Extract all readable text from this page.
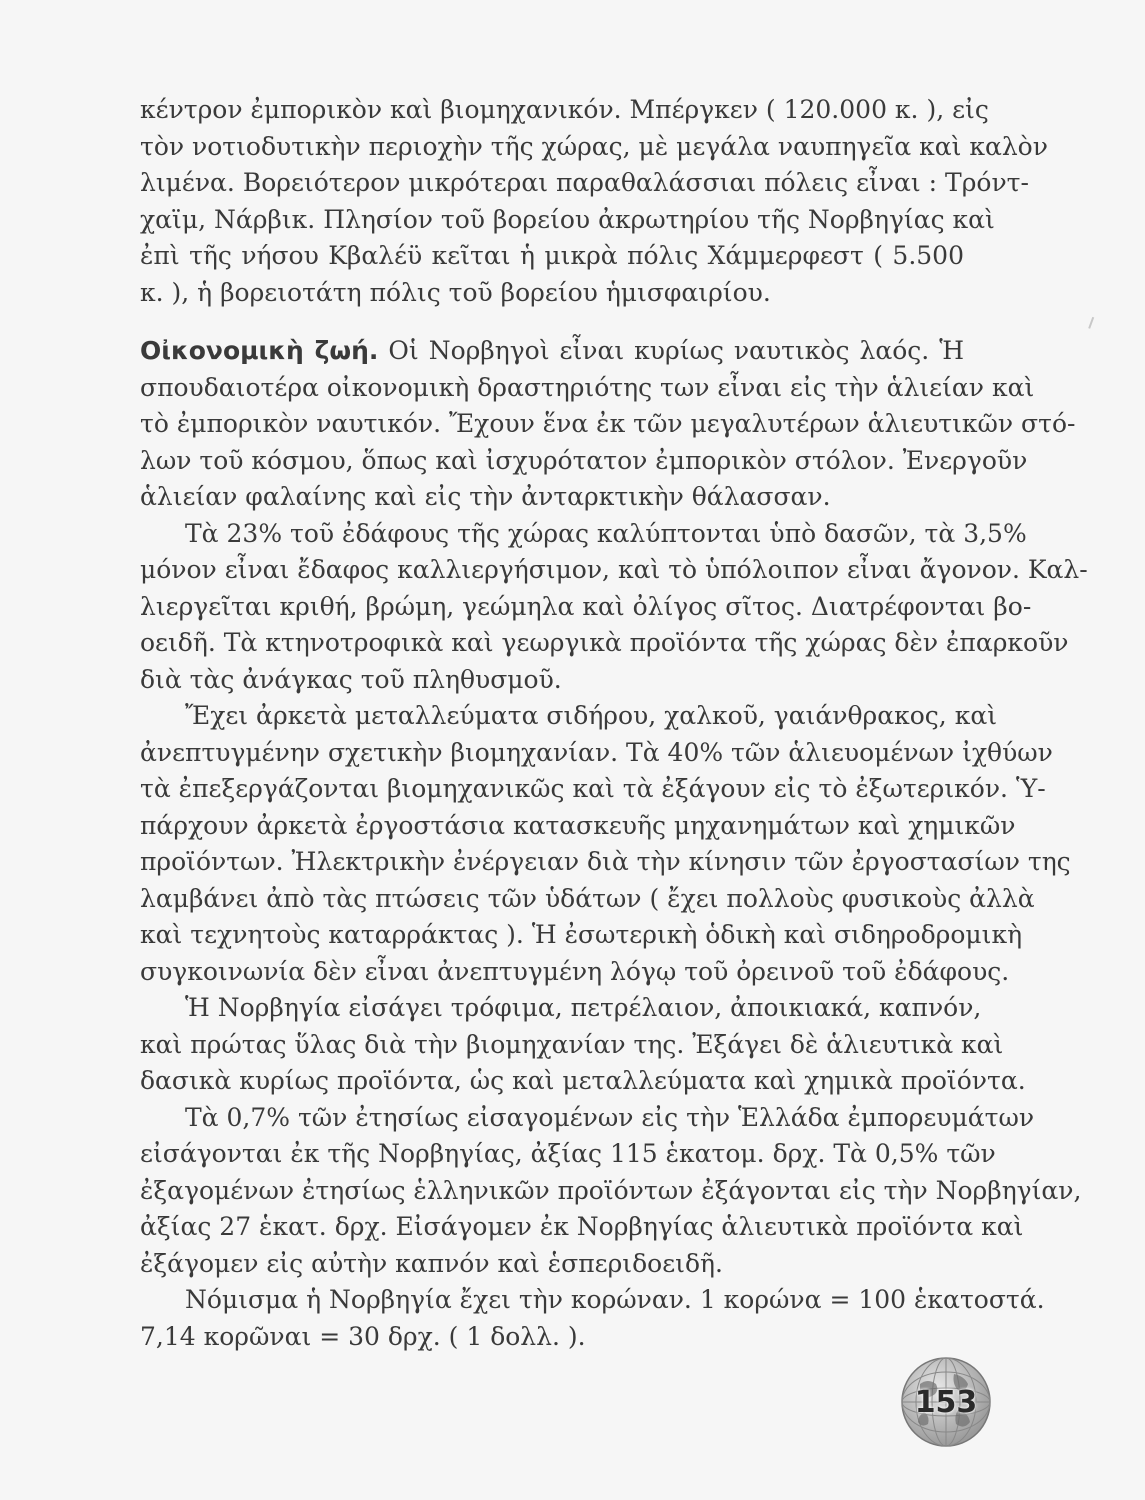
κέντρον ἐμπορικὸν καὶ βιομηχανικόν. Μπέργκεν ( 120.000 κ. ), εἰς
τὸν νοτιοδυτικὴν περιοχὴν τῆς χώρας, μὲ μεγάλα ναυπηγεῖα καὶ καλὸν
λιμένα. Βορειότερον μικρότεραι παραθαλάσσιαι πόλεις εἶναι : Τρόντ-
χαϊμ, Νάρβικ. Πλησίον τοῦ βορείου ἀκρωτηρίου τῆς Νορβηγίας καὶ
ἐπὶ τῆς νήσου Κβαλέϋ κεῖται ἡ μικρὰ πόλις Χάμμερφεστ ( 5.500
κ. ), ἡ βορειοτάτη πόλις τοῦ βορείου ἡμισφαιρίου.
Οἰκονομικὴ ζωή. Οἱ Νορβηγοὶ εἶναι κυρίως ναυτικὸς λαός. Ἡ
σπουδαιοτέρα οἰκονομικὴ δραστηριότης των εἶναι εἰς τὴν ἁλιείαν καὶ
τὸ ἐμπορικὸν ναυτικόν. Ἔχουν ἕνα ἐκ τῶν μεγαλυτέρων ἁλιευτικῶν στό-
λων τοῦ κόσμου, ὅπως καὶ ἰσχυρότατον ἐμπορικὸν στόλον. Ἐνεργοῦν
ἁλιείαν φαλαίνης καὶ εἰς τὴν ἀνταρκτικὴν θάλασσαν.
Τὰ 23% τοῦ ἐδάφους τῆς χώρας καλύπτονται ὑπὸ δασῶν, τὰ 3,5%
μόνον εἶναι ἔδαφος καλλιεργήσιμον, καὶ τὸ ὑπόλοιπον εἶναι ἄγονον. Καλ-
λιεργεῖται κριθή, βρώμη, γεώμηλα καὶ ὀλίγος σῖτος. Διατρέφονται βο-
οειδῆ. Τὰ κτηνοτροφικὰ καὶ γεωργικὰ προϊόντα τῆς χώρας δὲν ἐπαρκοῦν
διὰ τὰς ἀνάγκας τοῦ πληθυσμοῦ.
Ἔχει ἀρκετὰ μεταλλεύματα σιδήρου, χαλκοῦ, γαιάνθρακος, καὶ
ἀνεπτυγμένην σχετικὴν βιομηχανίαν. Τὰ 40% τῶν ἁλιευομένων ἰχθύων
τὰ ἐπεξεργάζονται βιομηχανικῶς καὶ τὰ ἐξάγουν εἰς τὸ ἐξωτερικόν. Ὑ-
πάρχουν ἀρκετὰ ἐργοστάσια κατασκευῆς μηχανημάτων καὶ χημικῶν
προϊόντων. Ἠλεκτρικὴν ἐνέργειαν διὰ τὴν κίνησιν τῶν ἐργοστασίων της
λαμβάνει ἀπὸ τὰς πτώσεις τῶν ὑδάτων ( ἔχει πολλοὺς φυσικοὺς ἀλλὰ
καὶ τεχνητοὺς καταρράκτας ). Ἡ ἐσωτερικὴ ὁδικὴ καὶ σιδηροδρομικὴ
συγκοινωνία δὲν εἶναι ἀνεπτυγμένη λόγῳ τοῦ ὀρεινοῦ τοῦ ἐδάφους.
Ἡ Νορβηγία εἰσάγει τρόφιμα, πετρέλαιον, ἀποικιακά, καπνόν,
καὶ πρώτας ὕλας διὰ τὴν βιομηχανίαν της. Ἐξάγει δὲ ἁλιευτικὰ καὶ
δασικὰ κυρίως προϊόντα, ὡς καὶ μεταλλεύματα καὶ χημικὰ προϊόντα.
Τὰ 0,7% τῶν ἐτησίως εἰσαγομένων εἰς τὴν Ἑλλάδα ἐμπορευμάτων
εἰσάγονται ἐκ τῆς Νορβηγίας, ἀξίας 115 ἑκατομ. δρχ. Τὰ 0,5% τῶν
ἐξαγομένων ἐτησίως ἑλληνικῶν προϊόντων ἐξάγονται εἰς τὴν Νορβηγίαν,
ἀξίας 27 ἑκατ. δρχ. Εἰσάγομεν ἐκ Νορβηγίας ἁλιευτικὰ προϊόντα καὶ
ἐξάγομεν εἰς αὐτὴν καπνόν καὶ ἑσπεριδοειδῆ.
Νόμισμα ἡ Νορβηγία ἔχει τὴν κορώναν. 1 κορώνα = 100 ἑκατοστά.
7,14 κορῶναι = 30 δρχ. ( 1 δολλ. ).
153
